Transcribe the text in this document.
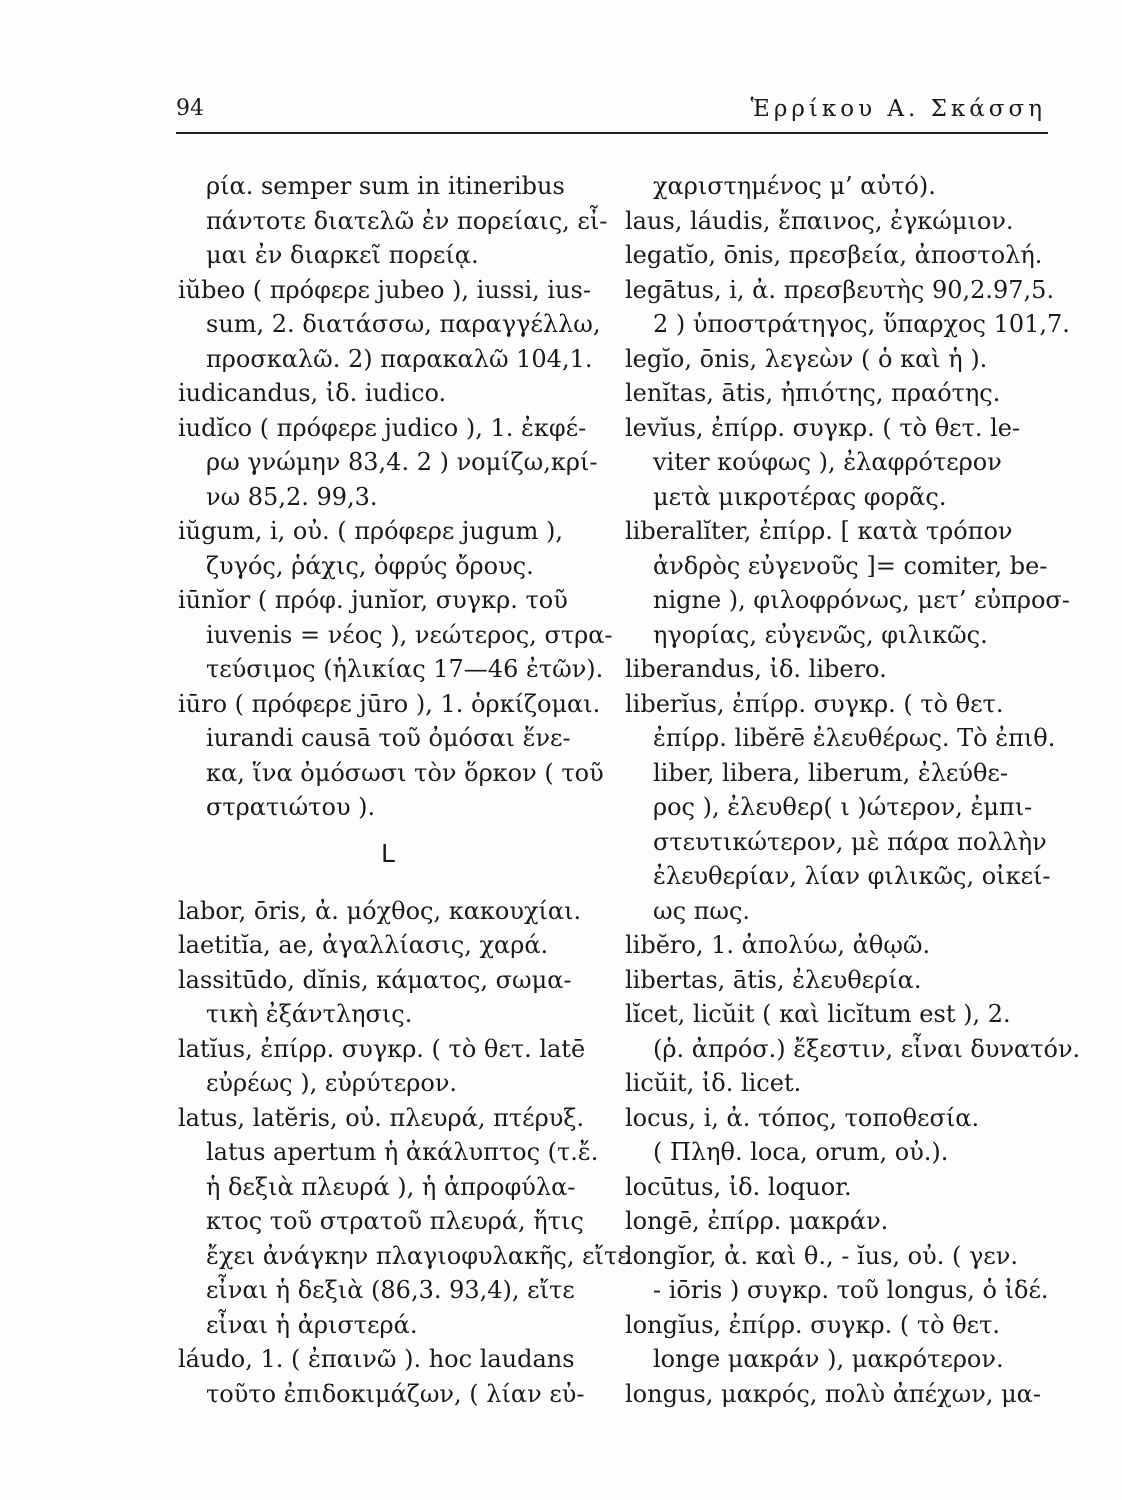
94	Ἑρρίκου Α. Σκάσση
ρία. semper sum in itineribus
πάντοτε διατελῶ ἐν πορείαις, εἶ-
μαι ἐν διαρκεῖ πορείᾳ.
iŭbeo ( πρόφερε jubeo ), iussi, ius-
sum, 2. διατάσσω, παραγγέλλω,
προσκαλῶ. 2) παρακαλῶ 104,1.
iudicandus, ἰδ. iudico.
iudĭco ( πρόφερε judico ), 1. ἐκφέ-
ρω γνώμην 83,4. 2 ) νομίζω,κρί-
νω 85,2. 99,3.
iŭgum, i, οὐ. ( πρόφερε jugum ),
ζυγός, ῥάχις, ὀφρύς ὄρους.
iūnĭor ( πρόφ. junĭor, συγκρ. τοῦ
iuvenis = νέος ), νεώτερος, στρα-
τεύσιμος (ἡλικίας 17—46 ἐτῶν).
iūro ( πρόφερε jūro ), 1. ὁρκίζομαι.
iurandi causā τοῦ ὀμόσαι ἕνε-
κα, ἵνα ὀμόσωσι τὸν ὅρκον ( τοῦ
στρατιώτου ).
L
labor, ōris, ἀ. μόχθος, κακουχίαι.
laetitĭa, ae, ἀγαλλίασις, χαρά.
lassitūdo, dĭnis, κάματος, σωμα-
τικὴ ἐξάντλησις.
latĭus, ἐπίρρ. συγκρ. ( τὸ θετ. latē
εὐρέως ), εὐρύτερον.
latus, latĕris, οὐ. πλευρά, πτέρυξ.
latus apertum ἡ ἀκάλυπτος (τ.ἔ.
ἡ δεξιὰ πλευρά ), ἡ ἀπροφύλα-
κτος τοῦ στρατοῦ πλευρά, ἥτις
ἔχει ἀνάγκην πλαγιοφυλακῆς, εἴτε
εἶναι ἡ δεξιὰ (86,3. 93,4), εἴτε
εἶναι ἡ ἀριστερά.
láudo, 1. ( ἐπαινῶ ). hoc laudans
τοῦτο ἐπιδοκιμάζων, ( λίαν εὐ-
χαριστημένος μ’ αὐτό).
laus, láudis, ἔπαινος, ἐγκώμιον.
legatĭo, ōnis, πρεσβεία, ἀποστολή.
legātus, i, ἀ. πρεσβευτὴς 90,2.97,5.
2 ) ὑποστράτηγος, ὕπαρχος 101,7.
legĭo, ōnis, λεγεὼν ( ὁ καὶ ἡ ).
lenĭtas, ātis, ἠπιότης, πραότης.
levĭus, ἐπίρρ. συγκρ. ( τὸ θετ. le-
viter κούφως ), ἐλαφρότερον
μετὰ μικροτέρας φορᾶς.
liberalĭter, ἐπίρρ. [ κατὰ τρόπον
ἀνδρὸς εὐγενοῦς ]= comiter, be-
nigne ), φιλοφρόνως, μετ’ εὐπροσ-
ηγορίας, εὐγενῶς, φιλικῶς.
liberandus, ἰδ. libero.
liberĭus, ἐπίρρ. συγκρ. ( τὸ θετ.
ἐπίρρ. libĕrē ἐλευθέρως. Τὸ ἐπιθ.
liber, libera, liberum, ἐλεύθε-
ρος ), ἐλευθερ( ι )ώτερον, ἐμπι-
στευτικώτερον, μὲ πάρα πολλὴν
ἐλευθερίαν, λίαν φιλικῶς, οἰκεί-
ως πως.
libĕro, 1. ἀπολύω, ἀθῳῶ.
libertas, ātis, ἐλευθερία.
lĭcet, licŭit ( καὶ licĭtum est ), 2.
(ῥ. ἀπρόσ.) ἔξεστιν, εἶναι δυνατόν.
licŭit, ἰδ. licet.
locus, i, ἀ. τόπος, τοποθεσία.
( Πληθ. loca, orum, οὐ.).
locūtus, ἰδ. loquor.
longē, ἐπίρρ. μακράν.
longĭor, ἀ. καὶ θ., - ĭus, οὐ. ( γεν.
- iōris ) συγκρ. τοῦ longus, ὁ ἰδέ.
longĭus, ἐπίρρ. συγκρ. ( τὸ θετ.
longe μακράν ), μακρότερον.
longus, μακρός, πολὺ ἀπέχων, μα-
